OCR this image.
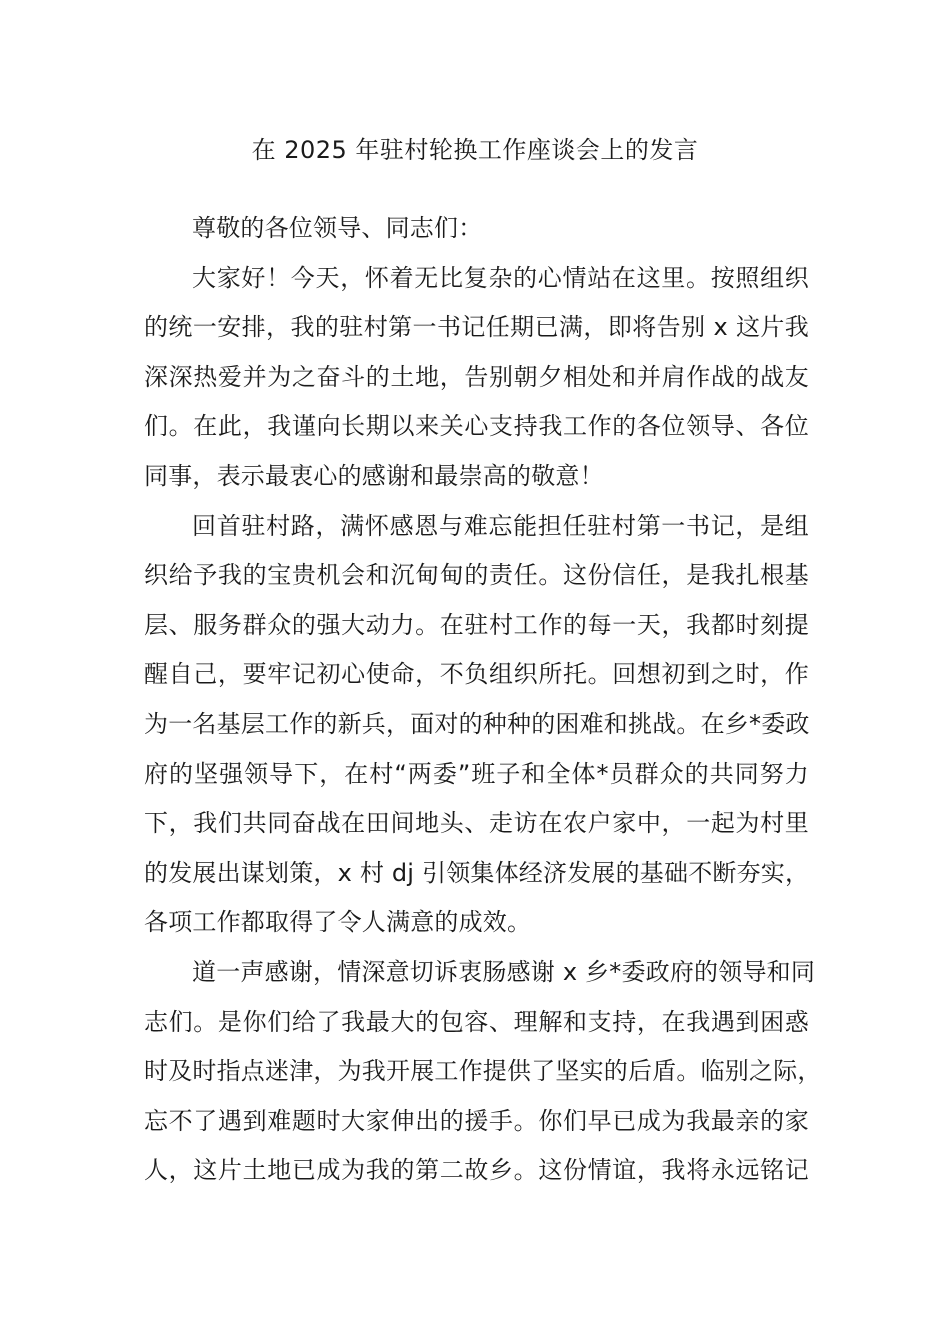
在 2025 年驻村轮换工作座谈会上的发言
尊敬的各位领导、同志们：
大家好！今天，怀着无比复杂的心情站在这里。按照组织
的统一安排，我的驻村第一书记任期已满，即将告别 x 这片我
深深热爱并为之奋斗的土地，告别朝夕相处和并肩作战的战友
们。在此，我谨向长期以来关心支持我工作的各位领导、各位
同事，表示最衷心的感谢和最崇高的敬意！
回首驻村路，满怀感恩与难忘能担任驻村第一书记，是组
织给予我的宝贵机会和沉甸甸的责任。这份信任，是我扎根基
层、服务群众的强大动力。在驻村工作的每一天，我都时刻提
醒自己，要牢记初心使命，不负组织所托。回想初到之时，作
为一名基层工作的新兵，面对的种种的困难和挑战。在乡*委政
府的坚强领导下，在村“两委”班子和全体*员群众的共同努力
下，我们共同奋战在田间地头、走访在农户家中，一起为村里
的发展出谋划策，x 村 dj 引领集体经济发展的基础不断夯实，
各项工作都取得了令人满意的成效。
道一声感谢，情深意切诉衷肠感谢 x 乡*委政府的领导和同
志们。是你们给了我最大的包容、理解和支持，在我遇到困惑
时及时指点迷津，为我开展工作提供了坚实的后盾。临别之际，
忘不了遇到难题时大家伸出的援手。你们早已成为我最亲的家
人，这片土地已成为我的第二故乡。这份情谊，我将永远铭记
